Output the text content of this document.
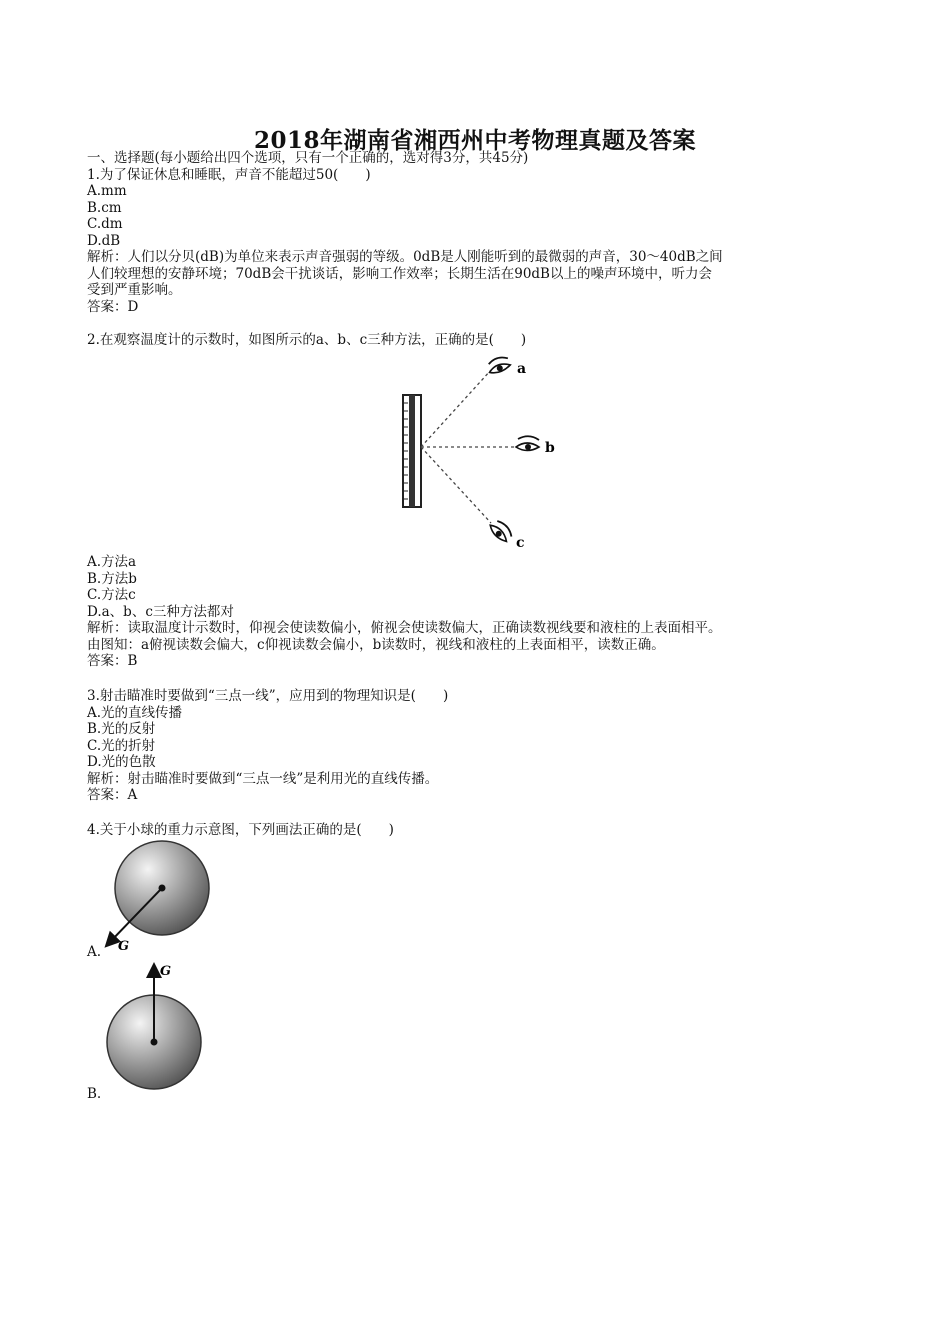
2018年湖南省湘西州中考物理真题及答案
一、选择题(每小题给出四个选项，只有一个正确的，选对得3分，共45分)
1.为了保证休息和睡眠，声音不能超过50(　　)
A.mm
B.cm
C.dm
D.dB
解析：人们以分贝(dB)为单位来表示声音强弱的等级。0dB是人刚能听到的最微弱的声音，30～40dB之间
人们较理想的安静环境；70dB会干扰谈话，影响工作效率；长期生活在90dB以上的噪声环境中，听力会
受到严重影响。
答案：D
2.在观察温度计的示数时，如图所示的a、b、c三种方法，正确的是(　　)
a
b
c
A.方法a
B.方法b
C.方法c
D.a、b、c三种方法都对
解析：读取温度计示数时，仰视会使读数偏小，俯视会使读数偏大，正确读数视线要和液柱的上表面相平。
由图知：a俯视读数会偏大，c仰视读数会偏小，b读数时，视线和液柱的上表面相平，读数正确。
答案：B
3.射击瞄准时要做到“三点一线”，应用到的物理知识是(　　)
A.光的直线传播
B.光的反射
C.光的折射
D.光的色散
解析：射击瞄准时要做到“三点一线”是利用光的直线传播。
答案：A
4.关于小球的重力示意图，下列画法正确的是(　　)
G
A.
G
B.
